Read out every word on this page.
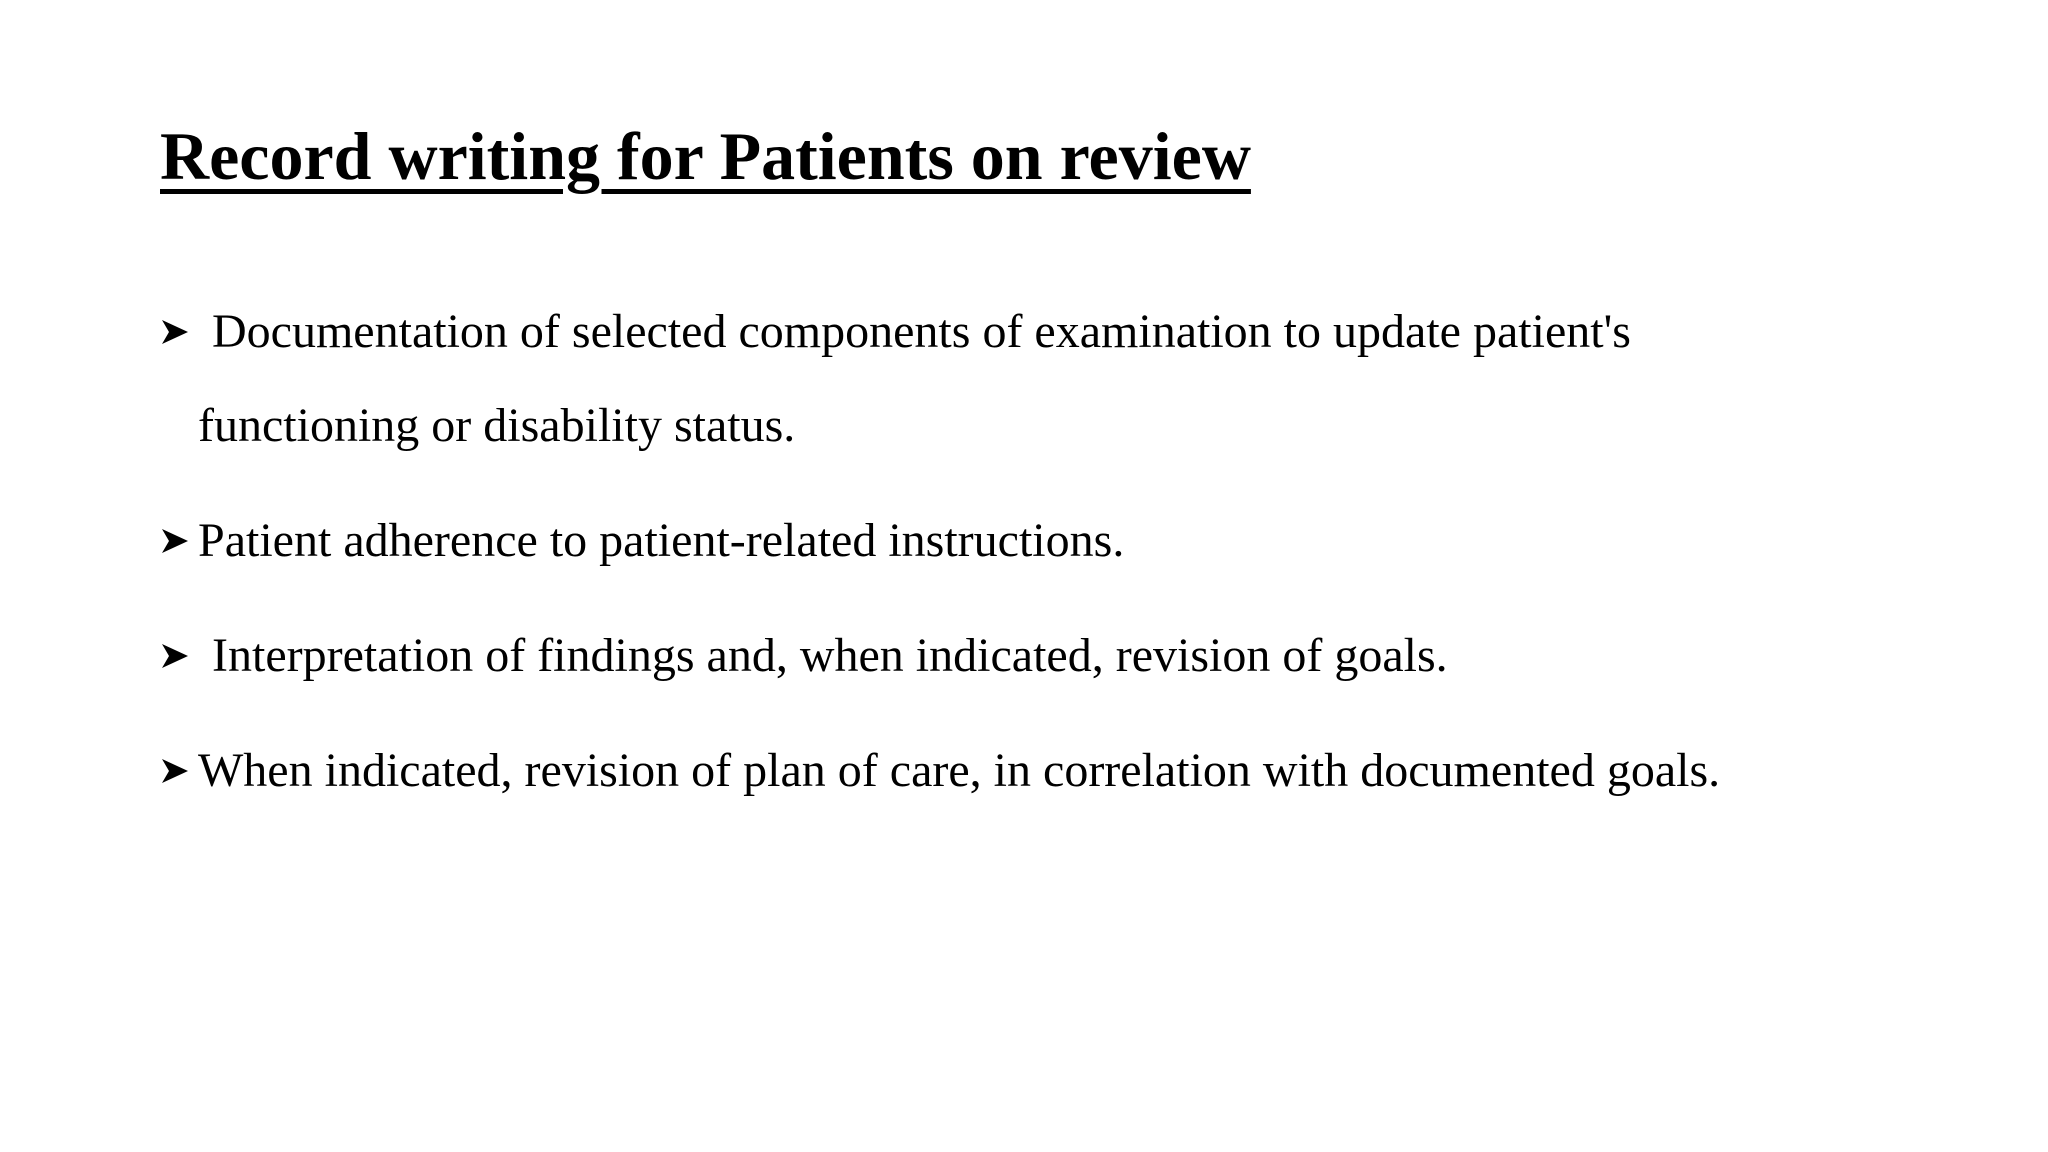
Record writing for Patients on review
Documentation of selected components of examination to update patient's functioning or disability status.
Patient adherence to patient-related instructions.
Interpretation of findings and, when indicated, revision of goals.
When indicated, revision of plan of care, in correlation with documented goals.
